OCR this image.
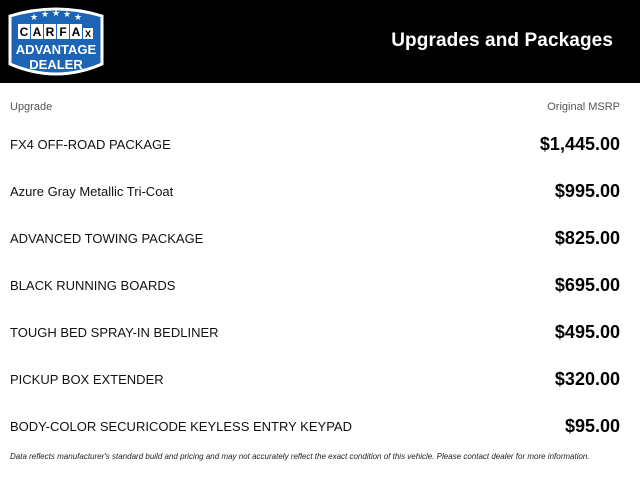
★ ★ ★ ★ ★
C A R F A X
ADVANTAGE
DEALER
Upgrades and Packages
Upgrade	Original MSRP
FX4 OFF-ROAD PACKAGE	$1,445.00
Azure Gray Metallic Tri-Coat	$995.00
ADVANCED TOWING PACKAGE	$825.00
BLACK RUNNING BOARDS	$695.00
TOUGH BED SPRAY-IN BEDLINER	$495.00
PICKUP BOX EXTENDER	$320.00
BODY-COLOR SECURICODE KEYLESS ENTRY KEYPAD	$95.00
Data reflects manufacturer's standard build and pricing and may not accurately reflect the exact condition of this vehicle. Please contact dealer for more information.
